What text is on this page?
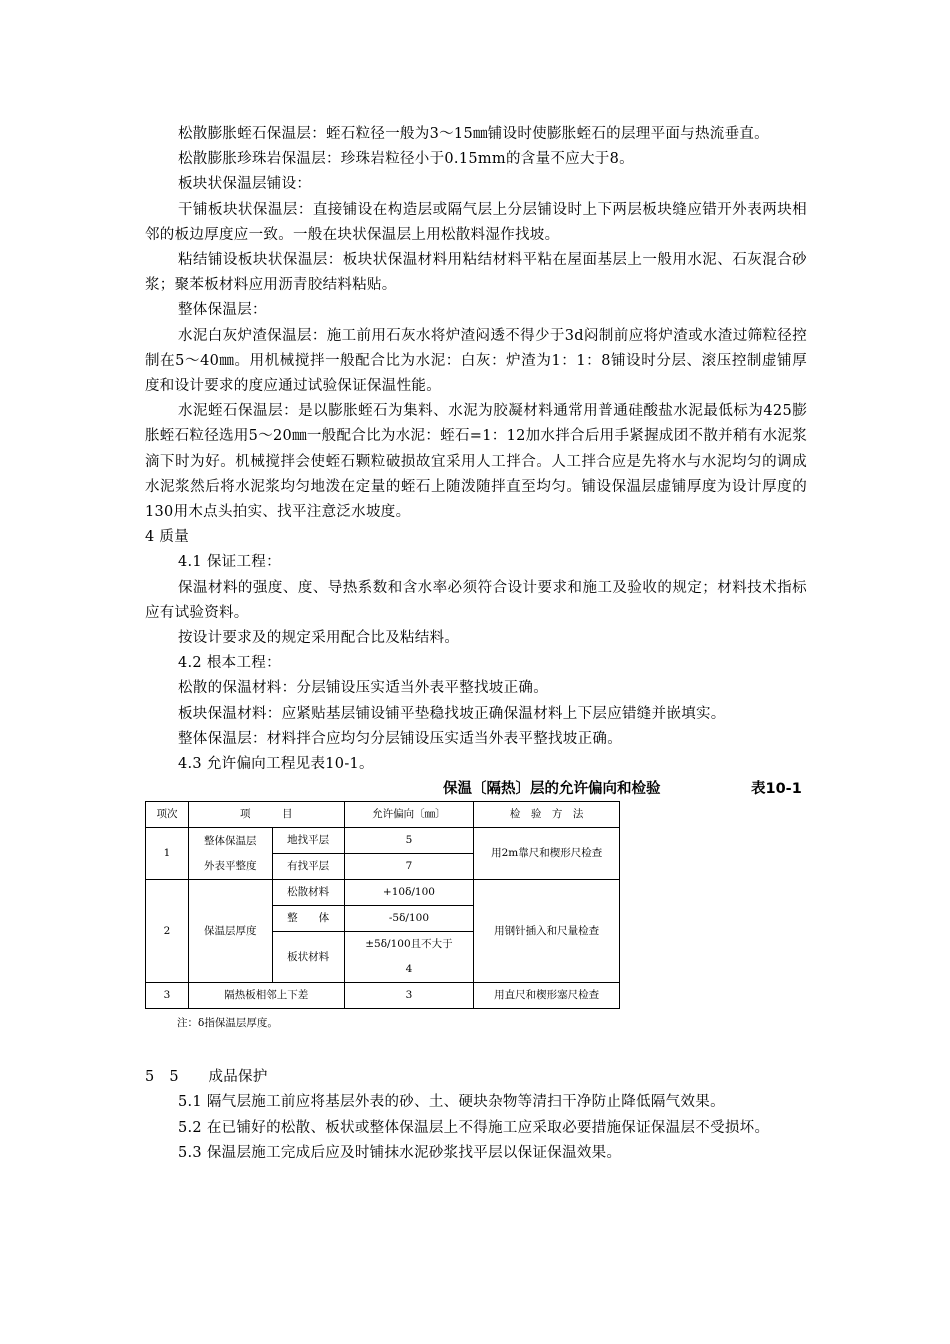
松散膨胀蛭石保温层：蛭石粒径一般为3～15㎜铺设时使膨胀蛭石的层理平面与热流垂直。

松散膨胀珍珠岩保温层：珍珠岩粒径小于0.15mm的含量不应大于8。

板块状保温层铺设：

干铺板块状保温层：直接铺设在构造层或隔气层上分层铺设时上下两层板块缝应错开外表两块相邻的板边厚度应一致。一般在块状保温层上用松散料湿作找坡。

粘结铺设板块状保温层：板块状保温材料用粘结材料平粘在屋面基层上一般用水泥、石灰混合砂浆；聚苯板材料应用沥青胶结料粘贴。

整体保温层：

水泥白灰炉渣保温层：施工前用石灰水将炉渣闷透不得少于3d闷制前应将炉渣或水渣过筛粒径控制在5～40㎜。用机械搅拌一般配合比为水泥：白灰：炉渣为1：1：8铺设时分层、滚压控制虚铺厚度和设计要求的度应通过试验保证保温性能。

水泥蛭石保温层：是以膨胀蛭石为集料、水泥为胶凝材料通常用普通硅酸盐水泥最低标为425膨胀蛭石粒径选用5～20㎜一般配合比为水泥：蛭石=1：12加水拌合后用手紧握成团不散并稍有水泥浆滴下时为好。机械搅拌会使蛭石颗粒破损故宜采用人工拌合。人工拌合应是先将水与水泥均匀的调成水泥浆然后将水泥浆均匀地泼在定量的蛭石上随泼随拌直至均匀。铺设保温层虚铺厚度为设计厚度的130用木点头拍实、找平注意泛水坡度。

4 质量

4.1 保证工程：

保温材料的强度、度、导热系数和含水率必须符合设计要求和施工及验收的规定；材料技术指标应有试验资料。

按设计要求及的规定采用配合比及粘结料。

4.2 根本工程：

松散的保温材料：分层铺设压实适当外表平整找坡正确。

板块保温材料：应紧贴基层铺设铺平垫稳找坡正确保温材料上下层应错缝并嵌填实。

整体保温层：材料拌合应均匀分层铺设压实适当外表平整找坡正确。

4.3 允许偏向工程见表10-1。

保温〔隔热〕层的允许偏向和检验	表10-1
项次	项　　　目		允许偏向〔㎜〕	检　验　方　法
1	整体保温层
外表平整度	地找平层	5	用2m靠尺和楔形尺检查
		有找平层	7	
2	保温层厚度	松散材料	+10δ/100	用钢针插入和尺量检查
		整　　体	-5δ/100	
		板状材料	±5δ/100且不大于
4	
3	隔热板相邻上下差		3	用直尺和楔形塞尺检查

注：δ指保温层厚度。

5　5　　成品保护

5.1 隔气层施工前应将基层外表的砂、土、硬块杂物等清扫干净防止降低隔气效果。

5.2 在已铺好的松散、板状或整体保温层上不得施工应采取必要措施保证保温层不受损坏。

5.3 保温层施工完成后应及时铺抹水泥砂浆找平层以保证保温效果。
